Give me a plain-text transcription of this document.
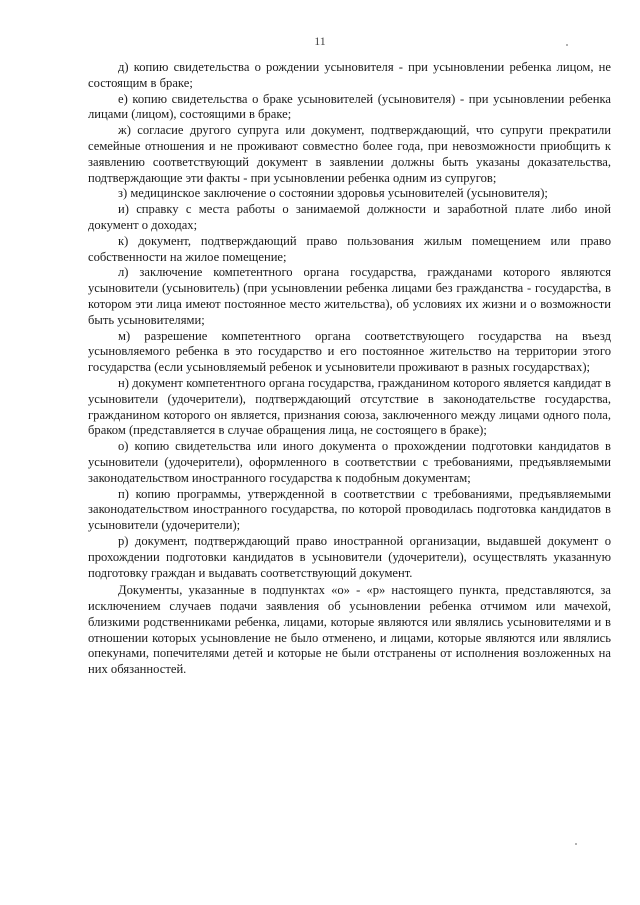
11

д) копию свидетельства о рождении усыновителя - при усыновлении ребенка лицом, не состоящим в браке;

е) копию свидетельства о браке усыновителей (усыновителя) - при усыновлении ребенка лицами (лицом), состоящими в браке;

ж) согласие другого супруга или документ, подтверждающий, что супруги прекратили семейные отношения и не проживают совместно более года, при невозможности приобщить к заявлению соответствующий документ в заявлении должны быть указаны доказательства, подтверждающие эти факты - при усыновлении ребенка одним из супругов;

з) медицинское заключение о состоянии здоровья усыновителей (усыновителя);

и) справку с места работы о занимаемой должности и заработной плате либо иной документ о доходах;

к) документ, подтверждающий право пользования жилым помещением или право собственности на жилое помещение;

л) заключение компетентного органа государства, гражданами которого являются усыновители (усыновитель) (при усыновлении ребенка лицами без гражданства - государства, в котором эти лица имеют постоянное место жительства), об условиях их жизни и о возможности быть усыновителями;

м) разрешение компетентного органа соответствующего государства на въезд усыновляемого ребенка в это государство и его постоянное жительство на территории этого государства (если усыновляемый ребенок и усыновители проживают в разных государствах);

н) документ компетентного органа государства, гражданином которого является кандидат в усыновители (удочерители), подтверждающий отсутствие в законодательстве государства, гражданином которого он является, признания союза, заключенного между лицами одного пола, браком (представляется в случае обращения лица, не состоящего в браке);

о) копию свидетельства или иного документа о прохождении подготовки кандидатов в усыновители (удочерители), оформленного в соответствии с требованиями, предъявляемыми законодательством иностранного государства к подобным документам;

п) копию программы, утвержденной в соответствии с требованиями, предъявляемыми законодательством иностранного государства, по которой проводилась подготовка кандидатов в усыновители (удочерители);

р) документ, подтверждающий право иностранной организации, выдавшей документ о прохождении подготовки кандидатов в усыновители (удочерители), осуществлять указанную подготовку граждан и выдавать соответствующий документ.

Документы, указанные в подпунктах «о» - «р» настоящего пункта, представляются, за исключением случаев подачи заявления об усыновлении ребенка отчимом или мачехой, близкими родственниками ребенка, лицами, которые являются или являлись усыновителями и в отношении которых усыновление не было отменено, и лицами, которые являются или являлись опекунами, попечителями детей и которые не были отстранены от исполнения возложенных на них обязанностей.
